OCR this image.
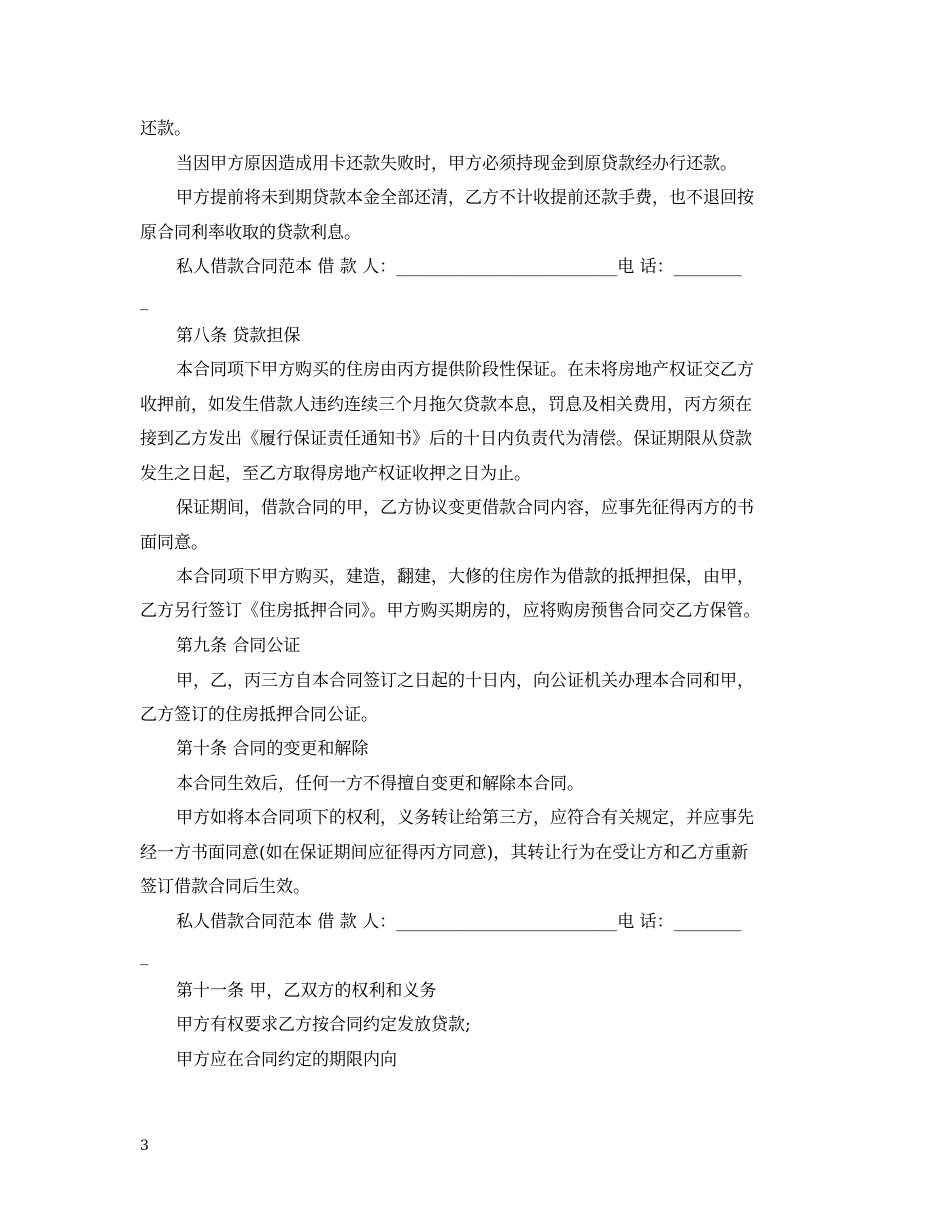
还款。
当因甲方原因造成用卡还款失败时，甲方必须持现金到原贷款经办行还款。
甲方提前将未到期贷款本金全部还清，乙方不计收提前还款手费，也不退回按
原合同利率收取的贷款利息。
私人借款合同范本 借 款 人：__________________________电 话：________
_
第八条 贷款担保
本合同项下甲方购买的住房由丙方提供阶段性保证。在未将房地产权证交乙方
收押前，如发生借款人违约连续三个月拖欠贷款本息，罚息及相关费用，丙方须在
接到乙方发出《履行保证责任通知书》后的十日内负责代为清偿。保证期限从贷款
发生之日起，至乙方取得房地产权证收押之日为止。
保证期间，借款合同的甲，乙方协议变更借款合同内容，应事先征得丙方的书
面同意。
本合同项下甲方购买，建造，翻建，大修的住房作为借款的抵押担保，由甲，
乙方另行签订《住房抵押合同》。甲方购买期房的，应将购房预售合同交乙方保管。
第九条 合同公证
甲，乙，丙三方自本合同签订之日起的十日内，向公证机关办理本合同和甲，
乙方签订的住房抵押合同公证。
第十条 合同的变更和解除
本合同生效后，任何一方不得擅自变更和解除本合同。
甲方如将本合同项下的权利，义务转让给第三方，应符合有关规定，并应事先
经一方书面同意(如在保证期间应征得丙方同意)，其转让行为在受让方和乙方重新
签订借款合同后生效。
私人借款合同范本 借 款 人：__________________________电 话：________
_
第十一条 甲，乙双方的权利和义务
甲方有权要求乙方按合同约定发放贷款;
甲方应在合同约定的期限内向
3
